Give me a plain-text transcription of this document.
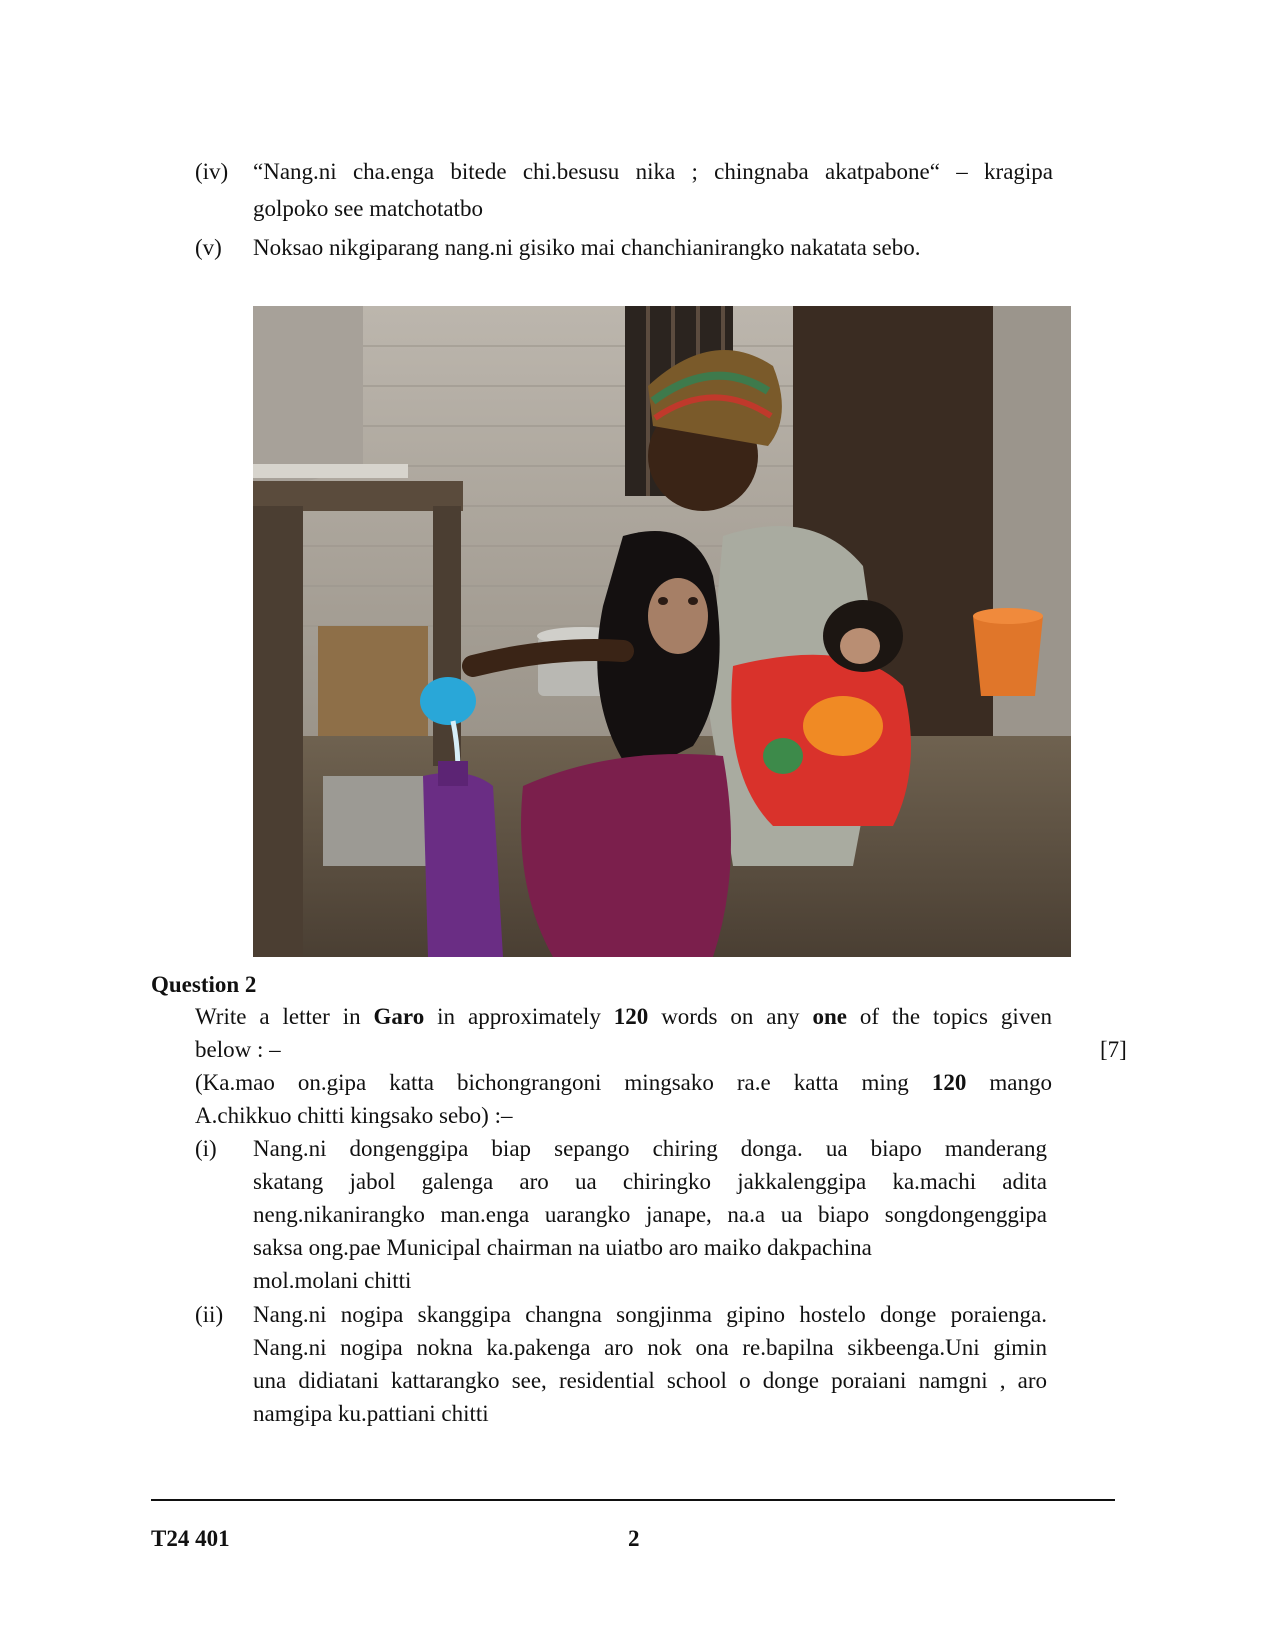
(iv) “Nang.ni cha.enga bitede chi.besusu nika ; chingnaba akatpabone“ – kragipa
golpoko see matchotatbo
(v) Noksao nikgiparang nang.ni gisiko mai chanchianirangko nakatata sebo.
Question 2
Write a letter in Garo in approximately 120 words on any one of the topics given
below : –	[7]
(Ka.mao on.gipa katta bichongrangoni mingsako ra.e katta ming 120 mango
A.chikkuo chitti kingsako sebo) :–
(i) Nang.ni dongenggipa biap sepango chiring donga. ua biapo manderang
skatang jabol galenga aro ua chiringko jakkalenggipa ka.machi adita
neng.nikanirangko man.enga uarangko janape, na.a ua biapo songdongenggipa
saksa ong.pae Municipal chairman na uiatbo aro maiko dakpachina
mol.molani chitti
(ii) Nang.ni nogipa skanggipa changna songjinma gipino hostelo donge poraienga.
Nang.ni nogipa nokna ka.pakenga aro nok ona re.bapilna sikbeenga.Uni gimin
una didiatani kattarangko see, residential school o donge poraiani namgni , aro
namgipa ku.pattiani chitti
T24 401	2
